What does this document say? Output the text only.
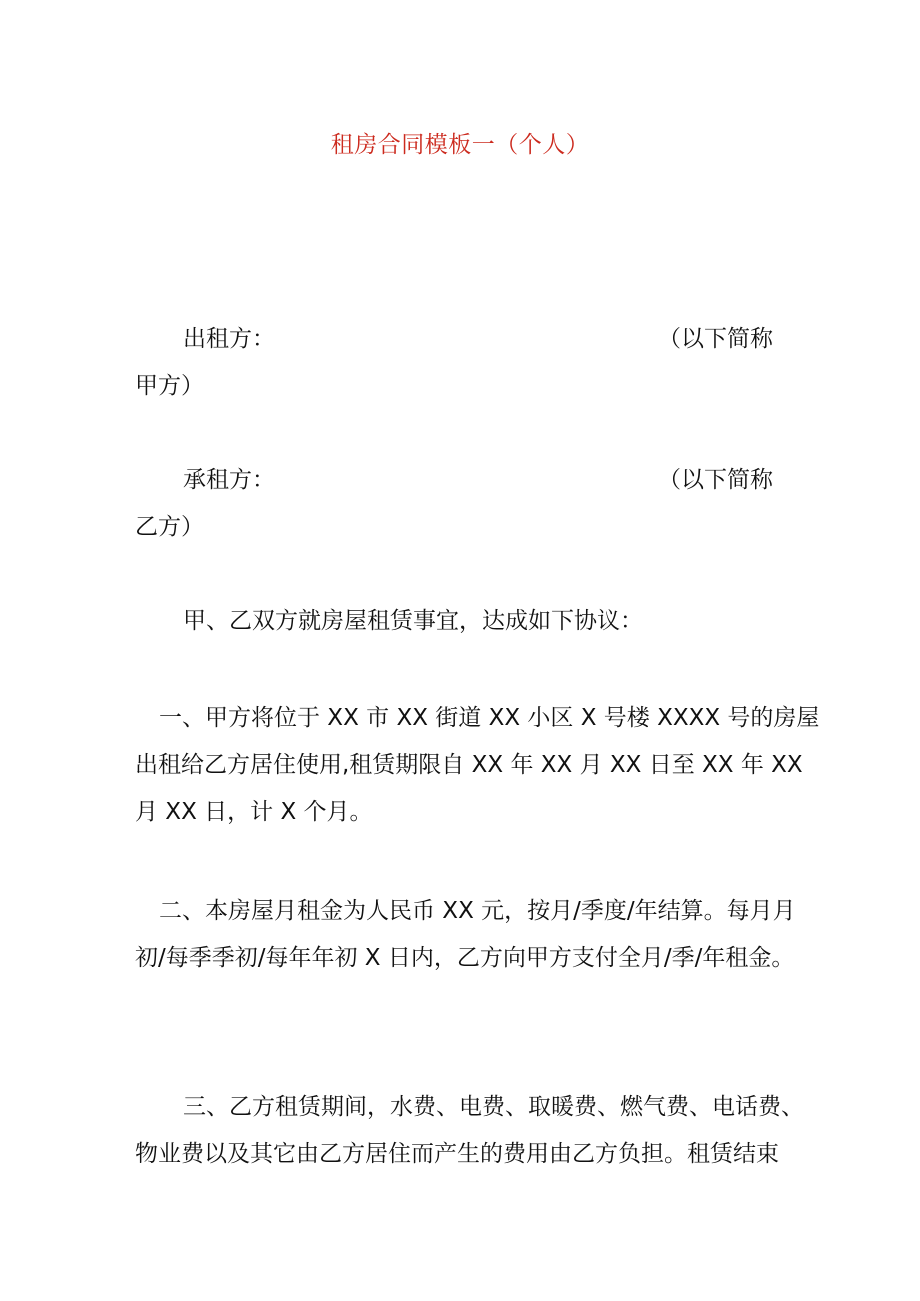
租房合同模板一（个人）
出租方：	（以下简称
甲方）
承租方：	（以下简称
乙方）
甲、乙双方就房屋租赁事宜，达成如下协议：
一、甲方将位于 XX 市 XX 街道 XX 小区 X 号楼 XXXX 号的房屋
出租给乙方居住使用,租赁期限自 XX 年 XX 月 XX 日至 XX 年 XX
月 XX 日，计 X 个月。
二、本房屋月租金为人民币 XX 元，按月/季度/年结算。每月月
初/每季季初/每年年初 X 日内，乙方向甲方支付全月/季/年租金。
三、乙方租赁期间，水费、电费、取暖费、燃气费、电话费、
物业费以及其它由乙方居住而产生的费用由乙方负担。租赁结束
